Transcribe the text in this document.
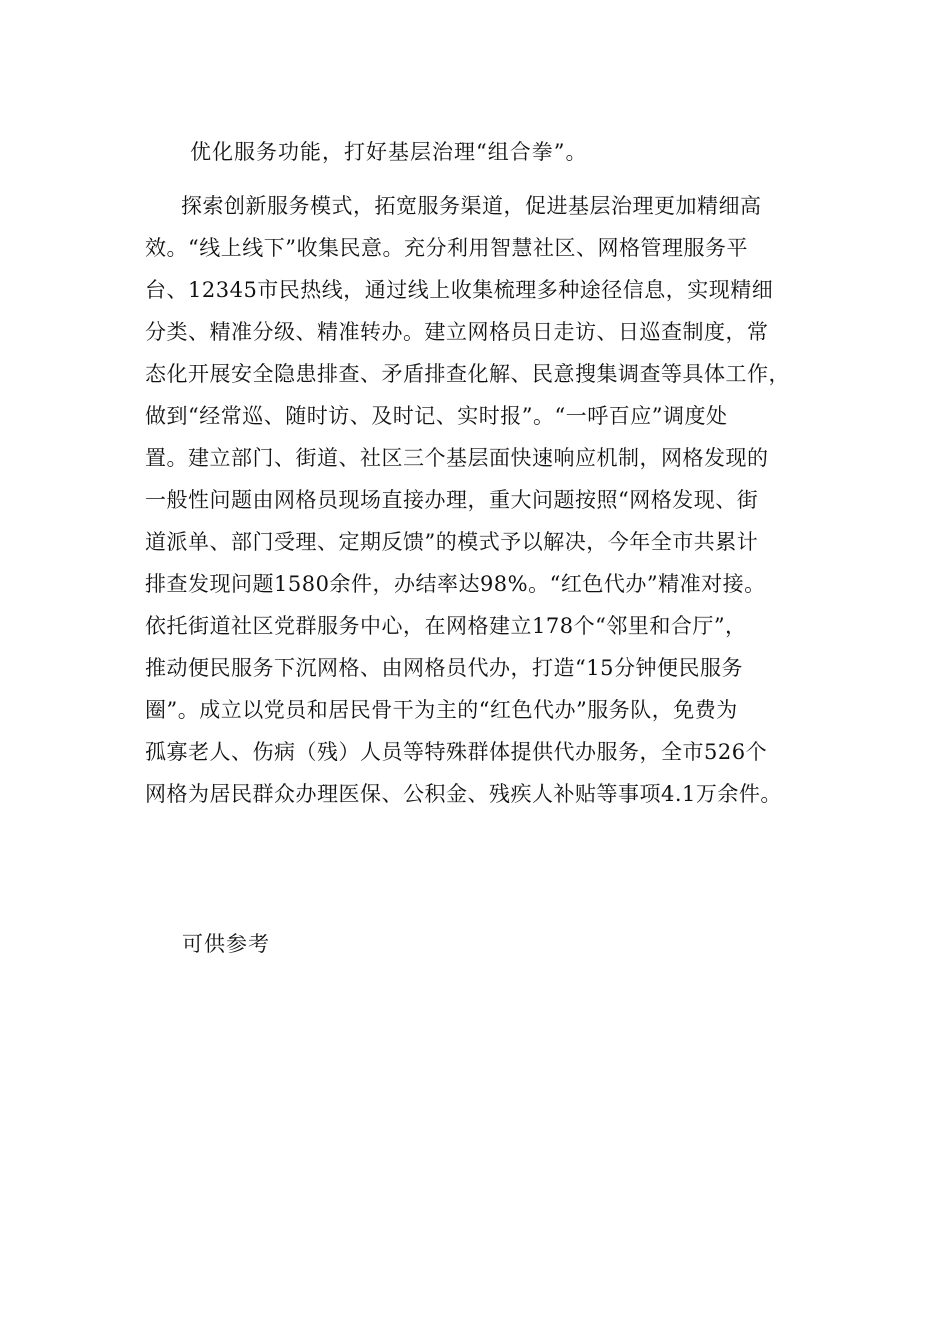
优化服务功能，打好基层治理“组合拳”。
探索创新服务模式，拓宽服务渠道，促进基层治理更加精细高
效。“线上线下”收集民意。充分利用智慧社区、网格管理服务平
台、12345市民热线，通过线上收集梳理多种途径信息，实现精细
分类、精准分级、精准转办。建立网格员日走访、日巡查制度，常
态化开展安全隐患排查、矛盾排查化解、民意搜集调查等具体工作，
做到“经常巡、随时访、及时记、实时报”。“一呼百应”调度处
置。建立部门、街道、社区三个基层面快速响应机制，网格发现的
一般性问题由网格员现场直接办理，重大问题按照“网格发现、街
道派单、部门受理、定期反馈”的模式予以解决，今年全市共累计
排查发现问题1580余件，办结率达98%。“红色代办”精准对接。
依托街道社区党群服务中心，在网格建立178个“邻里和合厅”，
推动便民服务下沉网格、由网格员代办，打造“15分钟便民服务
圈”。成立以党员和居民骨干为主的“红色代办”服务队，免费为
孤寡老人、伤病（残）人员等特殊群体提供代办服务，全市526个
网格为居民群众办理医保、公积金、残疾人补贴等事项4.1万余件。
可供参考
